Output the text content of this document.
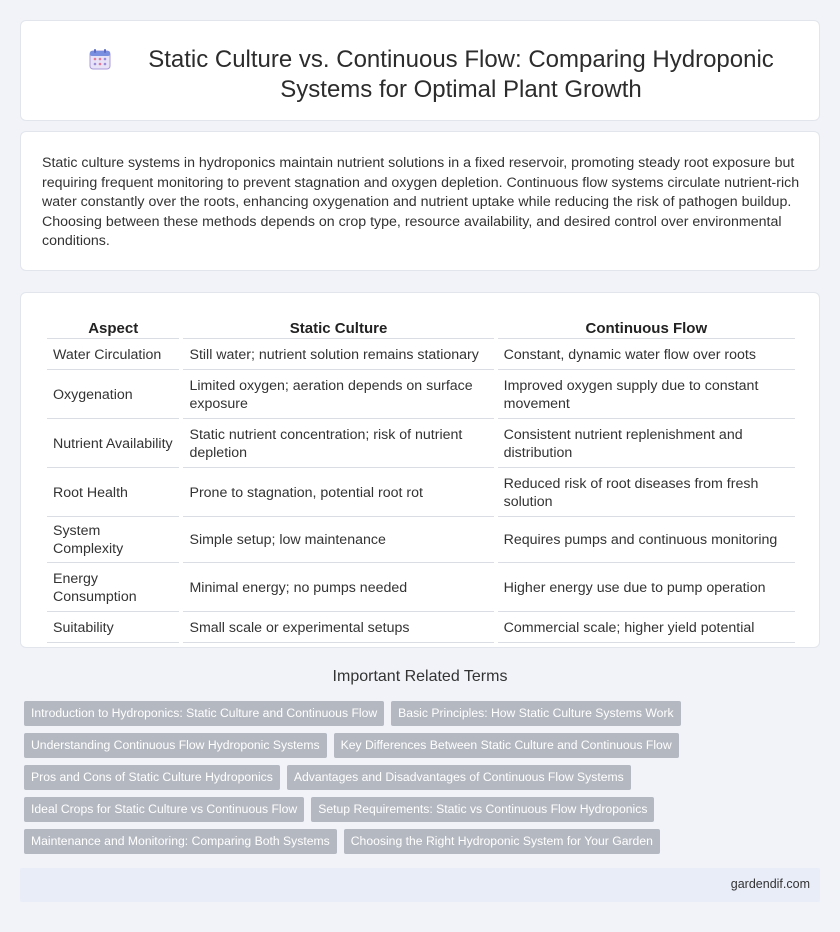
Static Culture vs. Continuous Flow: Comparing Hydroponic Systems for Optimal Plant Growth

Static culture systems in hydroponics maintain nutrient solutions in a fixed reservoir, promoting steady root exposure but requiring frequent monitoring to prevent stagnation and oxygen depletion. Continuous flow systems circulate nutrient-rich water constantly over the roots, enhancing oxygenation and nutrient uptake while reducing the risk of pathogen buildup. Choosing between these methods depends on crop type, resource availability, and desired control over environmental conditions.

Aspect	Static Culture	Continuous Flow
Water Circulation	Still water; nutrient solution remains stationary	Constant, dynamic water flow over roots
Oxygenation	Limited oxygen; aeration depends on surface exposure	Improved oxygen supply due to constant movement
Nutrient Availability	Static nutrient concentration; risk of nutrient depletion	Consistent nutrient replenishment and distribution
Root Health	Prone to stagnation, potential root rot	Reduced risk of root diseases from fresh solution
System Complexity	Simple setup; low maintenance	Requires pumps and continuous monitoring
Energy Consumption	Minimal energy; no pumps needed	Higher energy use due to pump operation
Suitability	Small scale or experimental setups	Commercial scale; higher yield potential
Important Related Terms
Introduction to Hydroponics: Static Culture and Continuous Flow	Basic Principles: How Static Culture Systems Work
Understanding Continuous Flow Hydroponic Systems	Key Differences Between Static Culture and Continuous Flow
Pros and Cons of Static Culture Hydroponics	Advantages and Disadvantages of Continuous Flow Systems
Ideal Crops for Static Culture vs Continuous Flow	Setup Requirements: Static vs Continuous Flow Hydroponics
Maintenance and Monitoring: Comparing Both Systems	Choosing the Right Hydroponic System for Your Garden
gardendif.com
